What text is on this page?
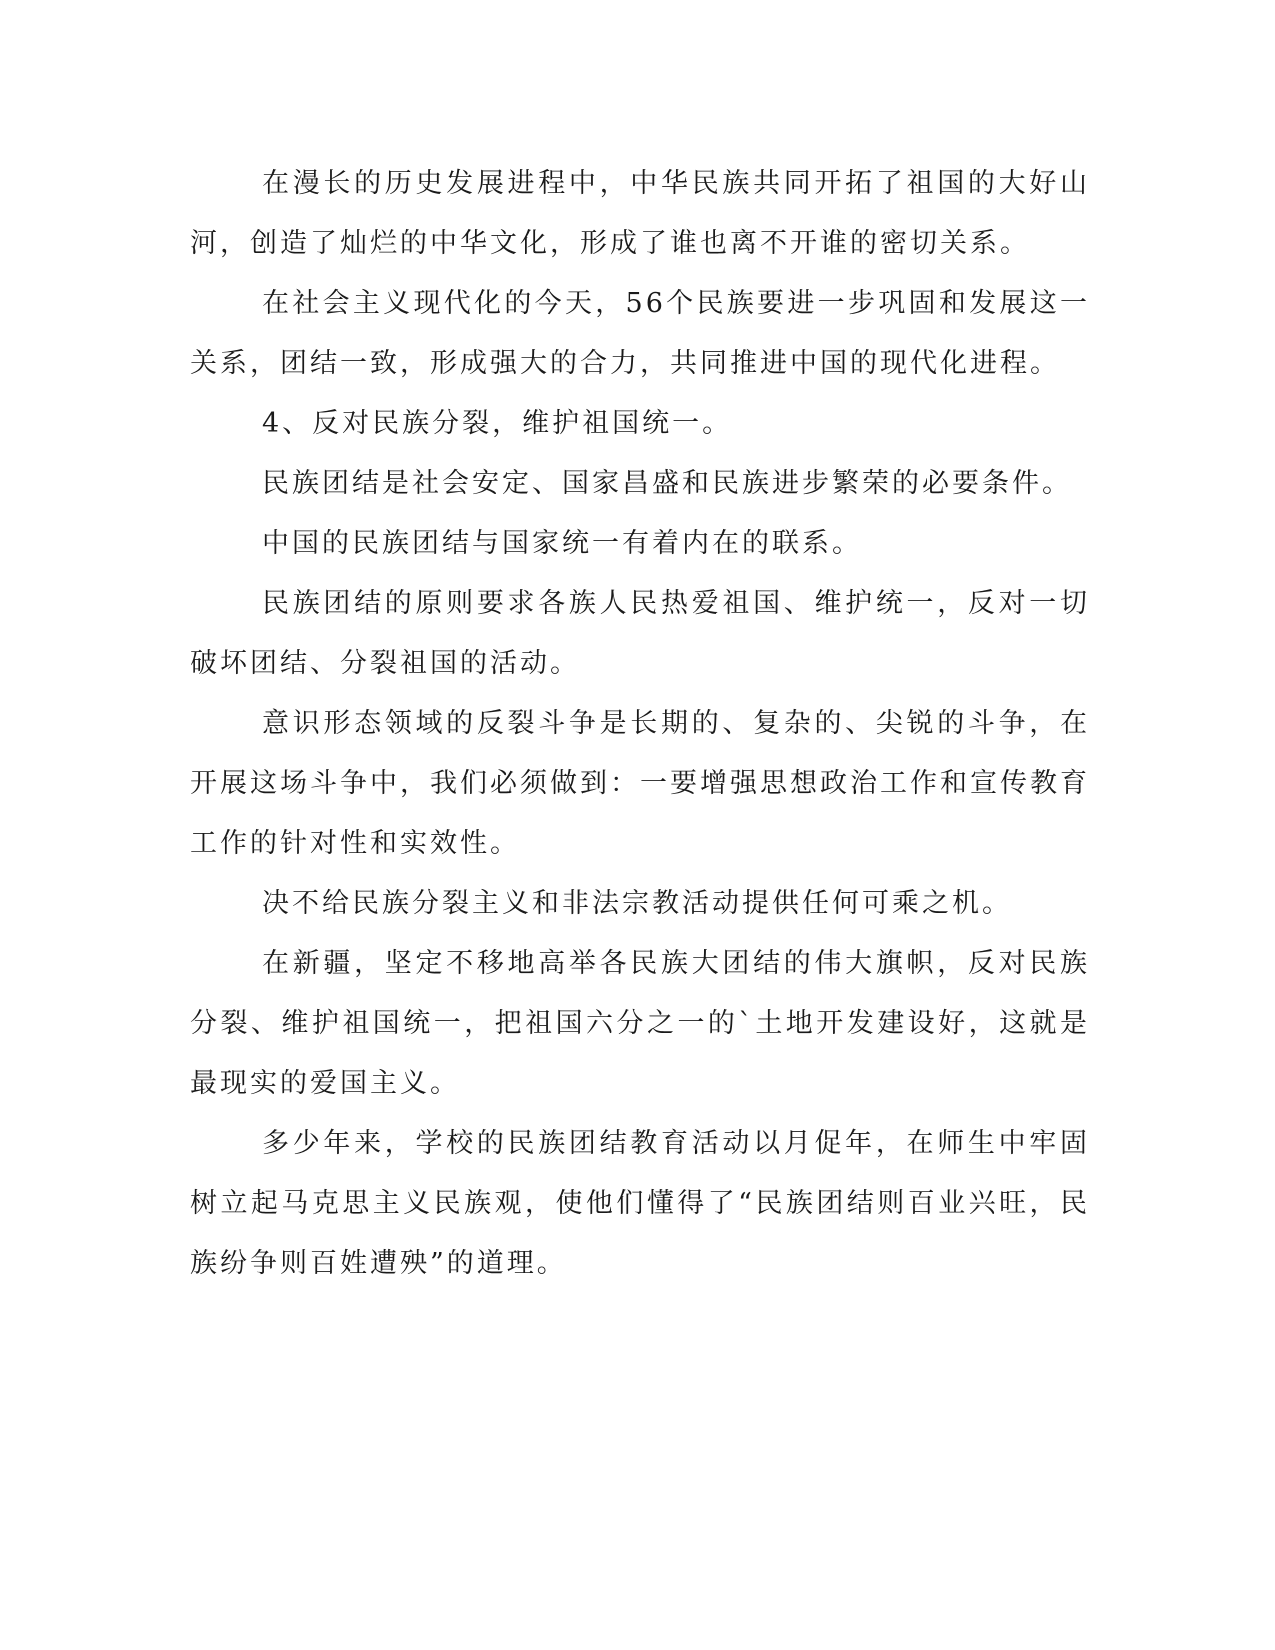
在漫长的历史发展进程中，中华民族共同开拓了祖国的大好山河，创造了灿烂的中华文化，形成了谁也离不开谁的密切关系。

在社会主义现代化的今天，56个民族要进一步巩固和发展这一关系，团结一致，形成强大的合力，共同推进中国的现代化进程。

4、反对民族分裂，维护祖国统一。

民族团结是社会安定、国家昌盛和民族进步繁荣的必要条件。

中国的民族团结与国家统一有着内在的联系。

民族团结的原则要求各族人民热爱祖国、维护统一，反对一切破坏团结、分裂祖国的活动。

意识形态领域的反裂斗争是长期的、复杂的、尖锐的斗争，在开展这场斗争中，我们必须做到：一要增强思想政治工作和宣传教育工作的针对性和实效性。

决不给民族分裂主义和非法宗教活动提供任何可乘之机。

在新疆，坚定不移地高举各民族大团结的伟大旗帜，反对民族分裂、维护祖国统一，把祖国六分之一的`土地开发建设好，这就是最现实的爱国主义。

多少年来，学校的民族团结教育活动以月促年，在师生中牢固树立起马克思主义民族观，使他们懂得了“民族团结则百业兴旺，民族纷争则百姓遭殃”的道理。
